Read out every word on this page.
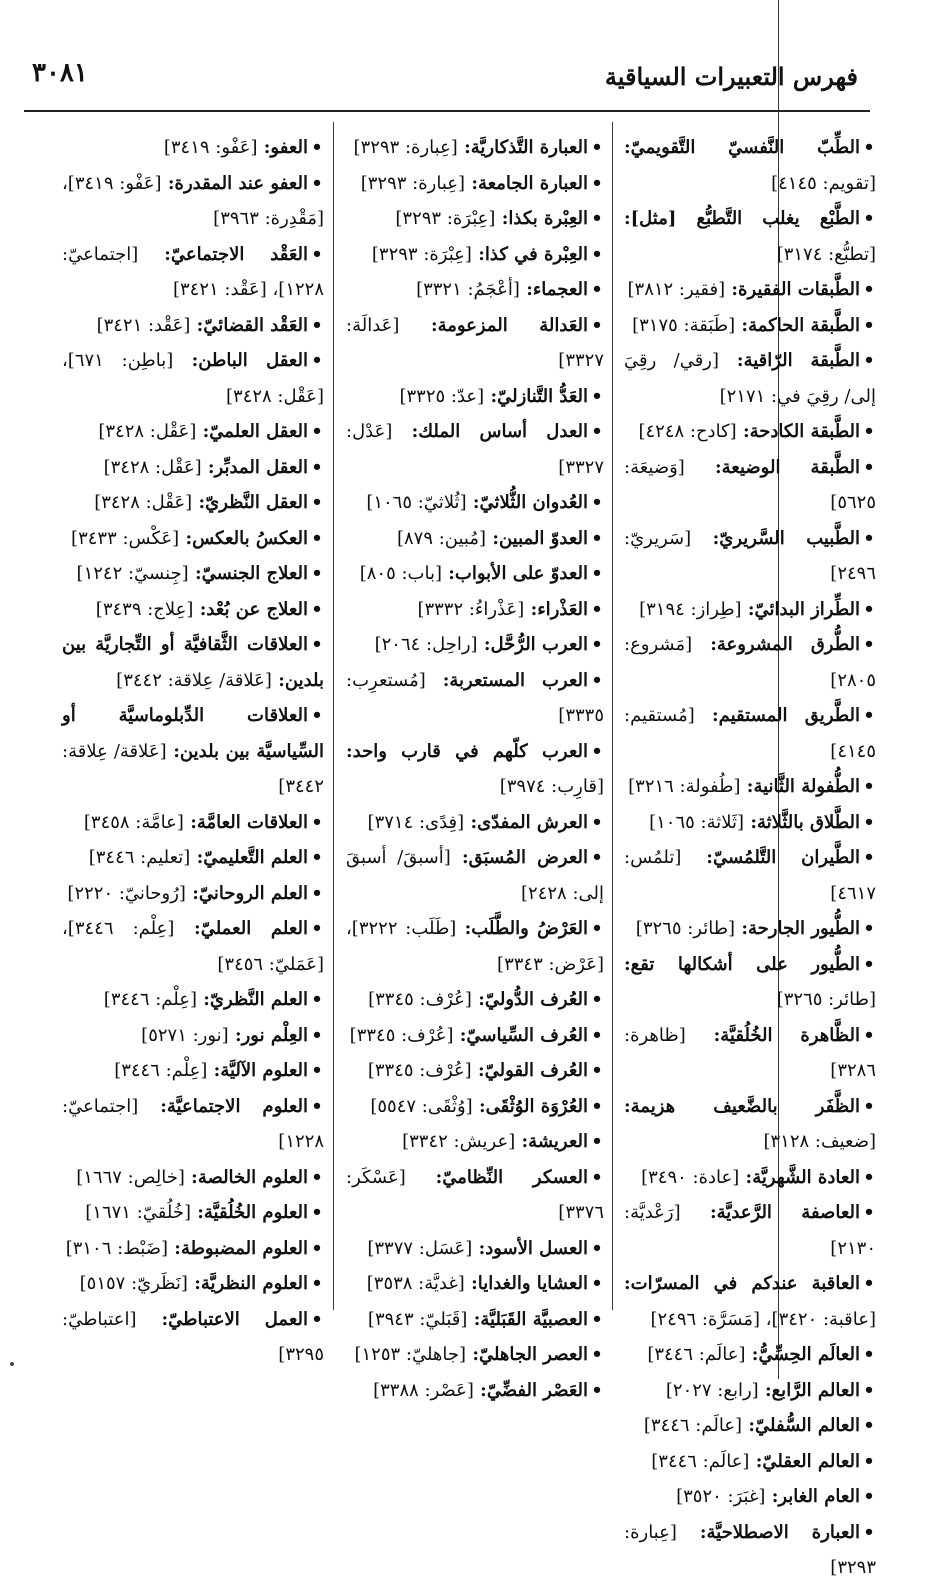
فهرس التعبيرات السياقية
٣٠٨١

•الطِّبّ النَّفسيّ التَّقويميّ: [تقويم: ٤١٤٥]

•الطَّبْع يغلب التَّطبُّع [مثل]: [تطبُّع: ٣١٧٤]

•الطَّبقات الفقيرة: [فقير: ٣٨١٢]

•الطَّبقة الحاكمة: [طَبَقة: ٣١٧٥]

•الطَّبقة الرّاقية: [رقي/ رقِيَ إلى/ رقِيَ في: ٢١٧١]

•الطَّبقة الكادحة: [كادح: ٤٢٤٨]

•الطَّبقة الوضيعة: [وَضيعَة: ٥٦٢٥]

•الطَّبيب السَّريريّ: [سَريريّ: ٢٤٩٦]

•الطِّراز البدائيّ: [طِراز: ٣١٩٤]

•الطُّرق المشروعة: [مَشروع: ٢٨٠٥]

•الطَّريق المستقيم: [مُستقيم: ٤١٤٥]

•الطُّفولة الثَّانية: [طُفولة: ٣٢١٦]

•الطَّلاق بالثَّلاثة: [ثَلاثة: ١٠٦٥]

•الطَّيران التَّلمُسيّ: [تلمُس: ٤٦١٧]

•الطُّيور الجارحة: [طائر: ٣٢٦٥]

•الطُّيور على أشكالها تقع: [طائر: ٣٢٦٥]

•الظَّاهرة الخُلُقيَّة: [ظاهرة: ٣٢٨٦]

•الظَّفَر بالضَّعيف هزيمة: [ضعيف: ٣١٢٨]

•العادة الشَّهريَّة: [عادة: ٣٤٩٠]

•العاصفة الرَّعديَّة: [رَعْديَّة: ٢١٣٠]

•العاقبة عندكم في المسرّات: [عاقبة: ٣٤٢٠]، [مَسَرَّة: ٢٤٩٦]

•العالَم الحِسِّيُّ: [عالَم: ٣٤٤٦]

•العالم الرَّابع: [رابع: ٢٠٢٧]

•العالم السُّفليّ: [عالَم: ٣٤٤٦]

•العالم العقليّ: [عالَم: ٣٤٤٦]

•العام الغابر: [غبَرَ: ٣٥٢٠]

•العبارة الاصطلاحيَّة: [عِبارة: ٣٢٩٣]

•العبارة التَّذكاريَّة: [عِبارة: ٣٢٩٣]

•العبارة الجامعة: [عِبارة: ٣٢٩٣]

•العِبْرة بكذا: [عِبْرَة: ٣٢٩٣]

•العِبْرة في كذا: [عِبْرَة: ٣٢٩٣]

•العجماء: [أعْجَمُ: ٣٣٢١]

•العَدالة المزعومة: [عَدالَة: ٣٣٢٧]

•العَدُّ التَّنازليّ: [عدّ: ٣٣٢٥]

•العدل أساس الملك: [عَدْل: ٣٣٢٧]

•العُدوان الثُّلاثيّ: [ثُلاثيّ: ١٠٦٥]

•العدوّ المبين: [مُبين: ٨٧٩]

•العدوّ على الأبواب: [باب: ٨٠٥]

•العَذْراء: [عَذْراءُ: ٣٣٣٢]

•العرب الرُّحَّل: [راحِل: ٢٠٦٤]

•العرب المستعربة: [مُستعرِب: ٣٣٣٥]

•العرب كلّهم في قارب واحد: [قارِب: ٣٩٧٤]

•العرش المفدّى: [فِدًى: ٣٧١٤]

•العرض المُسبَق: [أسبقَ/ أسبقَ إلى: ٢٤٢٨]

•العَرْضُ والطَّلَب: [طَلَب: ٣٢٢٢]، [عَرْض: ٣٣٤٣]

•العُرف الدُّوليّ: [عُرْف: ٣٣٤٥]

•العُرف السِّياسيّ: [عُرْف: ٣٣٤٥]

•العُرف القوليّ: [عُرْف: ٣٣٤٥]

•العُرْوَة الوُثْقَى: [وُثْقَى: ٥٥٤٧]

•العريشة: [عريش: ٣٣٤٢]

•العسكر النِّظاميّ: [عَسْكَر: ٣٣٧٦]

•العسل الأسود: [عَسَل: ٣٣٧٧]

•العشايا والغدايا: [غديَّة: ٣٥٣٨]

•العصبيَّة القَبَليَّة: [قَبَليّ: ٣٩٤٣]

•العصر الجاهليّ: [جاهليّ: ١٢٥٣]

•العَصْر الفضِّيّ: [عَصْر: ٣٣٨٨]

•العفو: [عَفْو: ٣٤١٩]

•العفو عند المقدرة: [عَفْو: ٣٤١٩]، [مَقْدِرة: ٣٩٦٣]

•العَقْد الاجتماعيّ: [اجتماعيّ: ١٢٢٨]، [عَقْد: ٣٤٢١]

•العَقْد القضائيّ: [عَقْد: ٣٤٢١]

•العقل الباطن: [باطِن: ٦٧١]، [عَقْل: ٣٤٢٨]

•العقل العلميّ: [عَقْل: ٣٤٢٨]

•العقل المدبِّر: [عَقْل: ٣٤٢٨]

•العقل النَّظريّ: [عَقْل: ٣٤٢٨]

•العكسُ بالعكس: [عَكْس: ٣٤٣٣]

•العلاج الجنسيّ: [جِنسيّ: ١٢٤٢]

•العلاج عن بُعْد: [عِلاج: ٣٤٣٩]

•العلاقات الثَّقافيَّة أو التِّجاريَّة بين بلدين: [عَلاقة/ عِلاقة: ٣٤٤٢]

•العلاقات الدِّبلوماسيَّة أو السِّياسيَّة بين بلدين: [عَلاقة/ عِلاقة: ٣٤٤٢]

•العلاقات العامَّة: [عامَّة: ٣٤٥٨]

•العلم التَّعليميّ: [تعليم: ٣٤٤٦]

•العلم الروحانيّ: [رُوحانيّ: ٢٢٢٠]

•العلم العمليّ: [عِلْم: ٣٤٤٦]، [عَمَليّ: ٣٤٥٦]

•العلم النَّظريّ: [عِلْم: ٣٤٤٦]

•العِلْم نور: [نور: ٥٢٧١]

•العلوم الآليَّة: [عِلْم: ٣٤٤٦]

•العلوم الاجتماعيَّة: [اجتماعيّ: ١٢٢٨]

•العلوم الخالصة: [خالِص: ١٦٦٧]

•العلوم الخُلُقيَّة: [خُلُقيّ: ١٦٧١]

•العلوم المضبوطة: [ضَبْط: ٣١٠٦]

•العلوم النظريَّة: [نَظَريّ: ٥١٥٧]

•العمل الاعتباطيّ: [اعتباطيّ: ٣٢٩٥]
